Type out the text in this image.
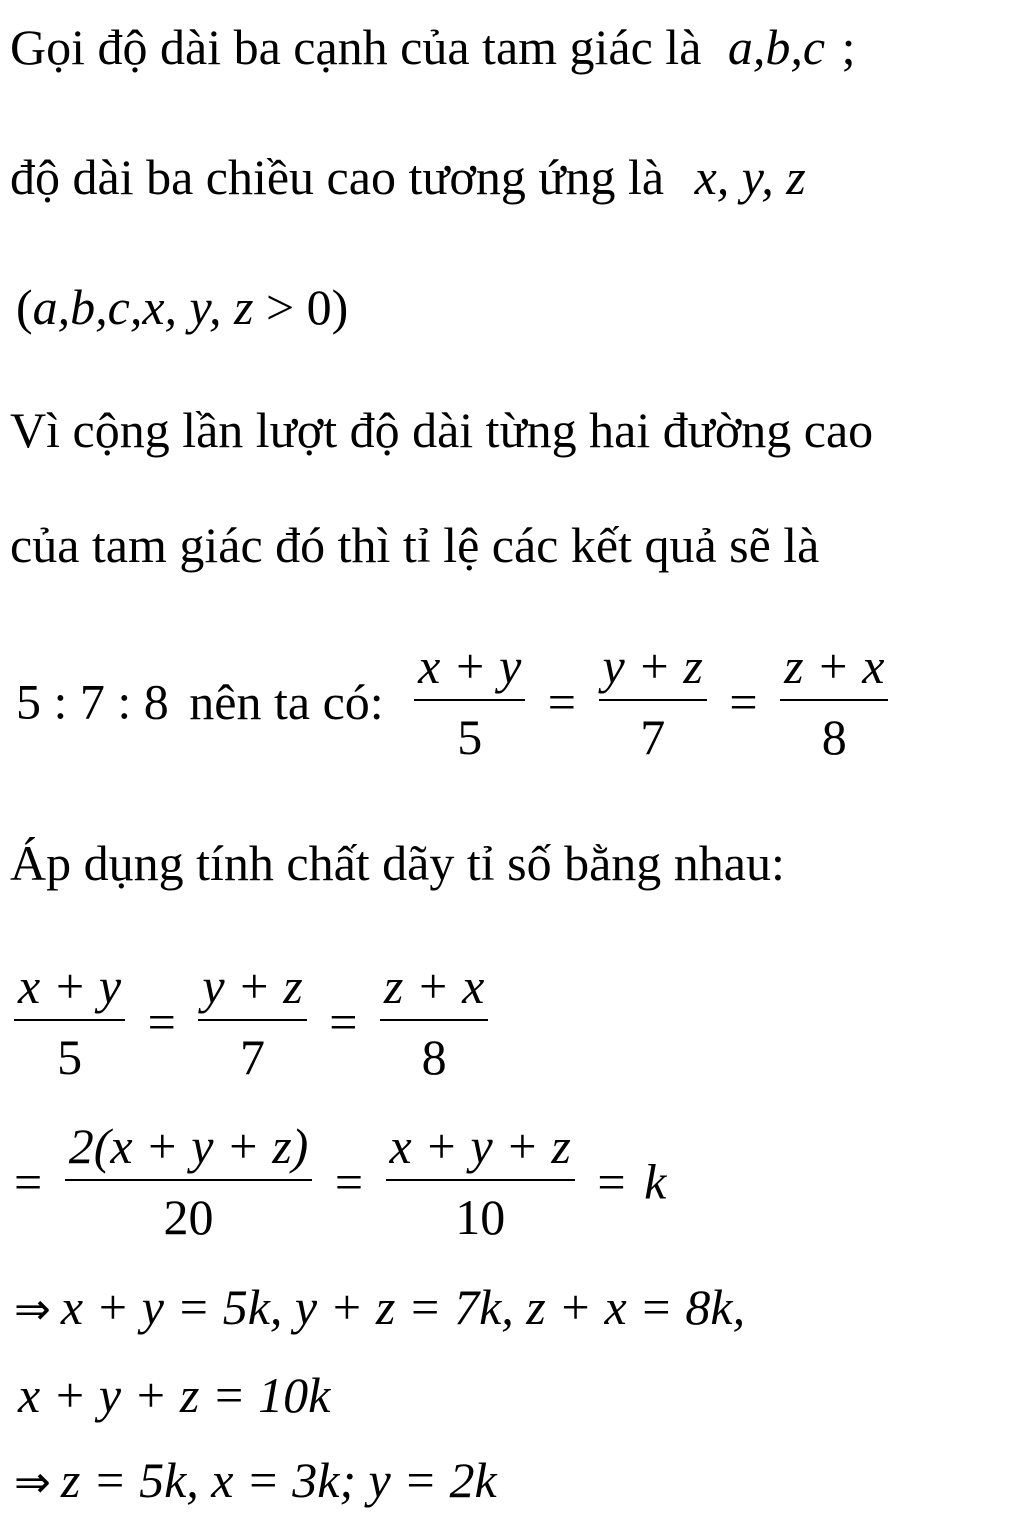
Gọi độ dài ba cạnh của tam giác là a,b,c ;
độ dài ba chiều cao tương ứng là x, y, z
(a,b,c,x, y, z > 0)
Vì cộng lần lượt độ dài từng hai đường cao
của tam giác đó thì tỉ lệ các kết quả sẽ là
5 : 7 : 8 nên ta có: $\frac{x + y}{5} = \frac{y + z}{7} = \frac{z + x}{8}$
Áp dụng tính chất dãy tỉ số bằng nhau:
$\frac{x + y}{5} = \frac{y + z}{7} = \frac{z + x}{8}$
= $\frac{2(x + y + z)}{20} = \frac{x + y + z}{10} = k$
⇒ x + y = 5k, y + z = 7k, z + x = 8k,
x + y + z = 10k
⇒ z = 5k, x = 3k; y = 2k
